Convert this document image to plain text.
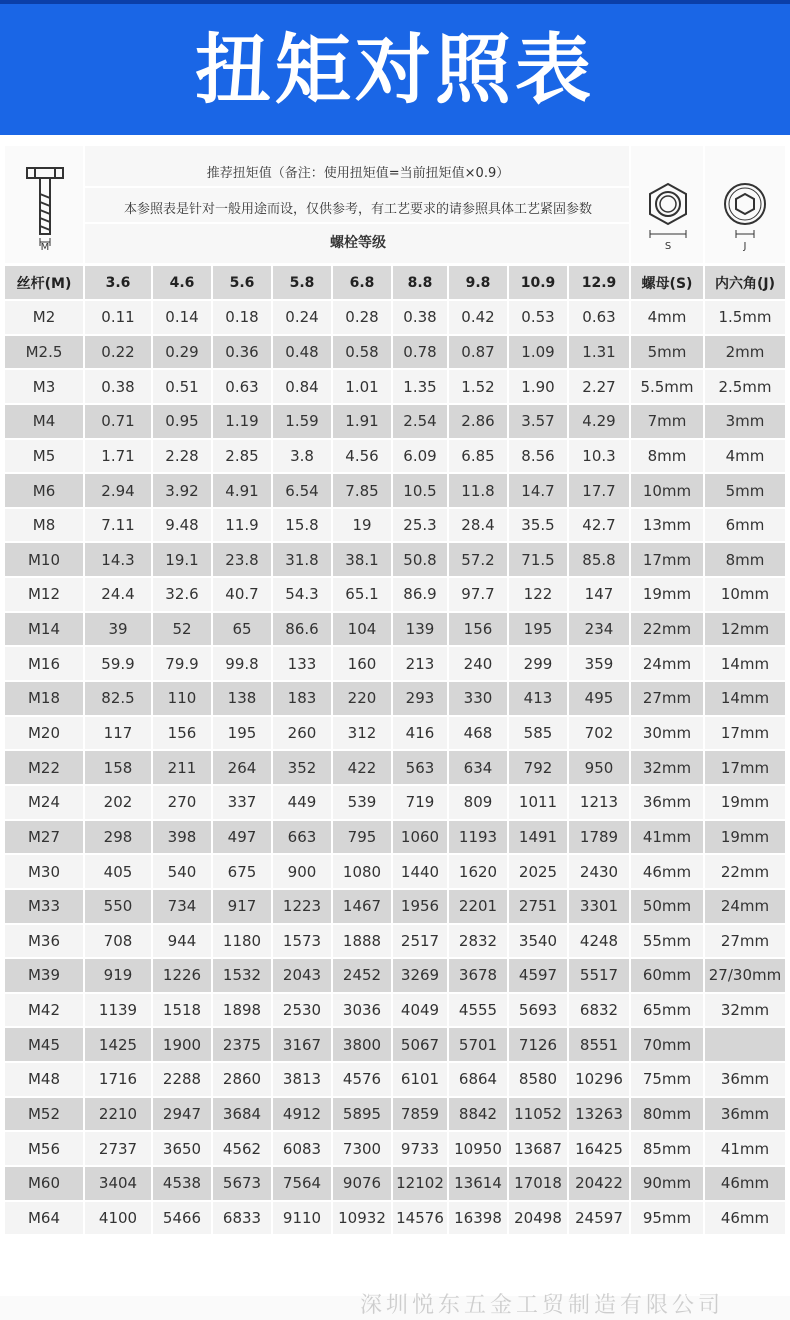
扭矩对照表
M
推荐扭矩值（备注：使用扭矩值=当前扭矩值×0.9）
本参照表是针对一般用途而设，仅供参考，有工艺要求的请参照具体工艺紧固参数
螺栓等级	S	J
丝杆(M)	3.6	4.6	5.6	5.8	6.8	8.8	9.8	10.9	12.9	螺母(S)	内六角(J)
M2	0.11	0.14	0.18	0.24	0.28	0.38	0.42	0.53	0.63	4mm	1.5mm
M2.5	0.22	0.29	0.36	0.48	0.58	0.78	0.87	1.09	1.31	5mm	2mm
M3	0.38	0.51	0.63	0.84	1.01	1.35	1.52	1.90	2.27	5.5mm	2.5mm
M4	0.71	0.95	1.19	1.59	1.91	2.54	2.86	3.57	4.29	7mm	3mm
M5	1.71	2.28	2.85	3.8	4.56	6.09	6.85	8.56	10.3	8mm	4mm
M6	2.94	3.92	4.91	6.54	7.85	10.5	11.8	14.7	17.7	10mm	5mm
M8	7.11	9.48	11.9	15.8	19	25.3	28.4	35.5	42.7	13mm	6mm
M10	14.3	19.1	23.8	31.8	38.1	50.8	57.2	71.5	85.8	17mm	8mm
M12	24.4	32.6	40.7	54.3	65.1	86.9	97.7	122	147	19mm	10mm
M14	39	52	65	86.6	104	139	156	195	234	22mm	12mm
M16	59.9	79.9	99.8	133	160	213	240	299	359	24mm	14mm
M18	82.5	110	138	183	220	293	330	413	495	27mm	14mm
M20	117	156	195	260	312	416	468	585	702	30mm	17mm
M22	158	211	264	352	422	563	634	792	950	32mm	17mm
M24	202	270	337	449	539	719	809	1011	1213	36mm	19mm
M27	298	398	497	663	795	1060	1193	1491	1789	41mm	19mm
M30	405	540	675	900	1080	1440	1620	2025	2430	46mm	22mm
M33	550	734	917	1223	1467	1956	2201	2751	3301	50mm	24mm
M36	708	944	1180	1573	1888	2517	2832	3540	4248	55mm	27mm
M39	919	1226	1532	2043	2452	3269	3678	4597	5517	60mm	27/30mm
M42	1139	1518	1898	2530	3036	4049	4555	5693	6832	65mm	32mm
M45	1425	1900	2375	3167	3800	5067	5701	7126	8551	70mm
M48	1716	2288	2860	3813	4576	6101	6864	8580	10296	75mm	36mm
M52	2210	2947	3684	4912	5895	7859	8842	11052 13263	80mm	36mm
M56	2737	3650	4562	6083	7300	9733	10950 13687 16425	85mm	41mm
M60	3404	4538	5673	7564	9076	12102 13614 17018 20422	90mm	46mm
M64	4100	5466	6833	9110	10932 14576 16398 20498 24597	95mm	46mm
深圳悦东五金工贸制造有限公司
